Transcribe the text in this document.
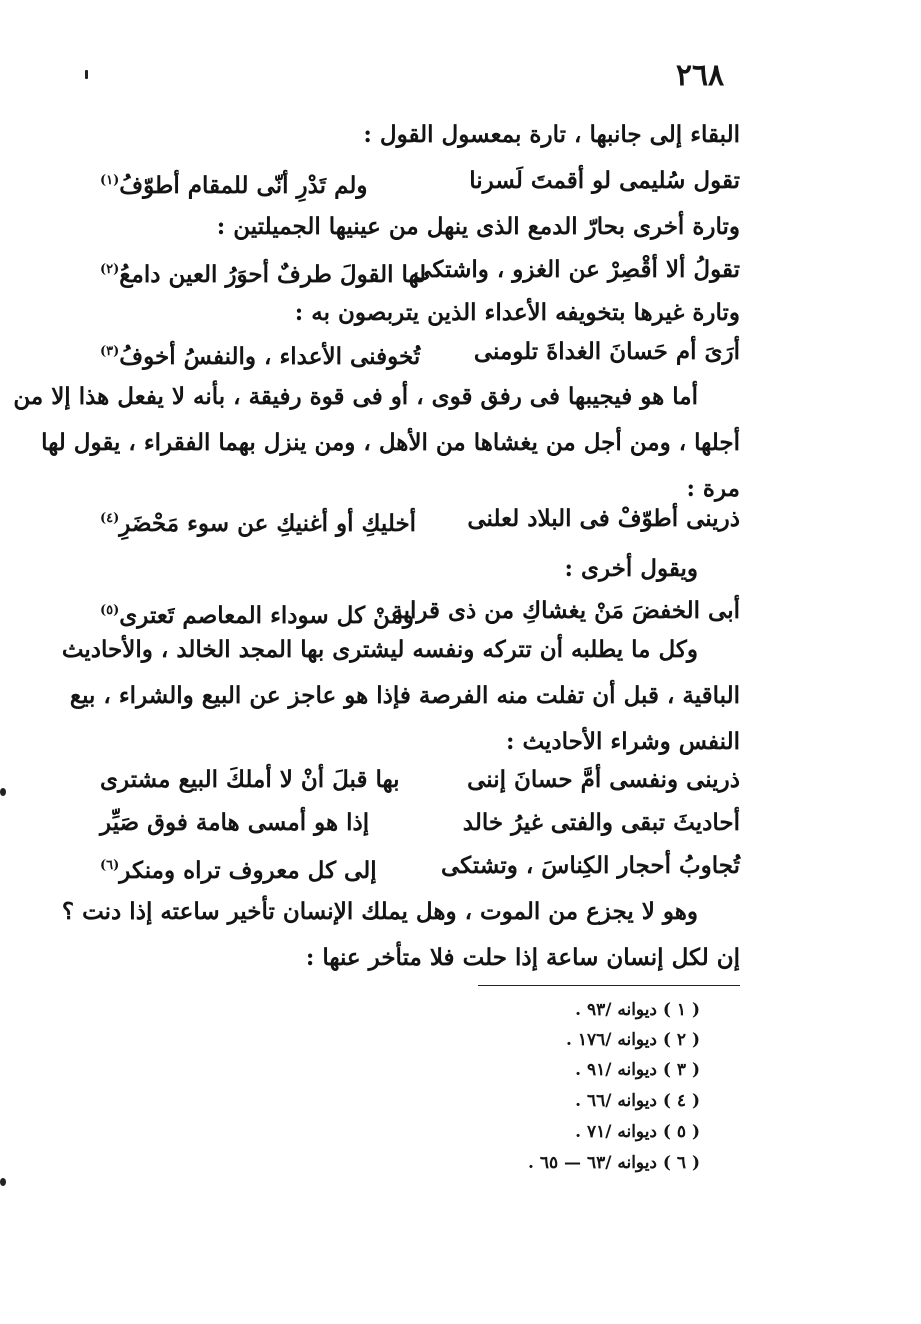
٢٦٨
البقاء إلى جانبها ، تارة بمعسول القول :
تقول سُليمى لو أقمتَ لَسرنا
ولم تَدْرِ أنّى للمقام أطوّفُ$^{(١)}$
وتارة أخرى بحارّ الدمع الذى ينهل من عينيها الجميلتين :
تقولُ ألا أقْصِرْ عن الغزو ، واشتكى
لها القولَ طرفٌ أحوَرُ العين دامعُ$^{(٢)}$
وتارة غيرها بتخويفه الأعداء الذين يتربصون به :
أرَىَ أم حَسانَ الغداةَ تلومنى
تُخوفنى الأعداء ، والنفسُ أخوفُ$^{(٣)}$
أما هو فيجيبها فى رفق قوى ، أو فى قوة رفيقة ، بأنه لا يفعل هذا إلا من
أجلها ، ومن أجل من يغشاها من الأهل ، ومن ينزل بهما الفقراء ، يقول لها
مرة :
ذرينى أطوّفْ فى البلاد لعلنى
أخليكِ أو أغنيكِ عن سوء مَحْضَرِ$^{(٤)}$
ويقول أخرى :
أبى الخفضَ مَنْ يغشاكِ من ذى قرابة
ومنْ كل سوداء المعاصم تَعترى$^{(٥)}$
وكل ما يطلبه أن تتركه ونفسه ليشترى بها المجد الخالد ، والأحاديث
الباقية ، قبل أن تفلت منه الفرصة فإذا هو عاجز عن البيع والشراء ، بيع
النفس وشراء الأحاديث :
ذرينى ونفسى أمَّ حسانَ إننى
بها قبلَ أنْ لا أملكَ البيع مشترى
أحاديثَ تبقى والفتى غيرُ خالد
إذا هو أمسى هامة فوق صَيِّر
تُجاوبُ أحجار الكِناسَ ، وتشتكى
إلى كل معروف تراه ومنكر$^{(٦)}$
وهو لا يجزع من الموت ، وهل يملك الإنسان تأخير ساعته إذا دنت ؟
إن لكل إنسان ساعة إذا حلت فلا متأخر عنها :
( ١ ) ديوانه /٩٣ .
( ٢ ) ديوانه /١٧٦ .
( ٣ ) ديوانه /٩١ .
( ٤ ) ديوانه /٦٦ .
( ٥ ) ديوانه /٧١ .
( ٦ ) ديوانه /٦٣ — ٦٥ .
